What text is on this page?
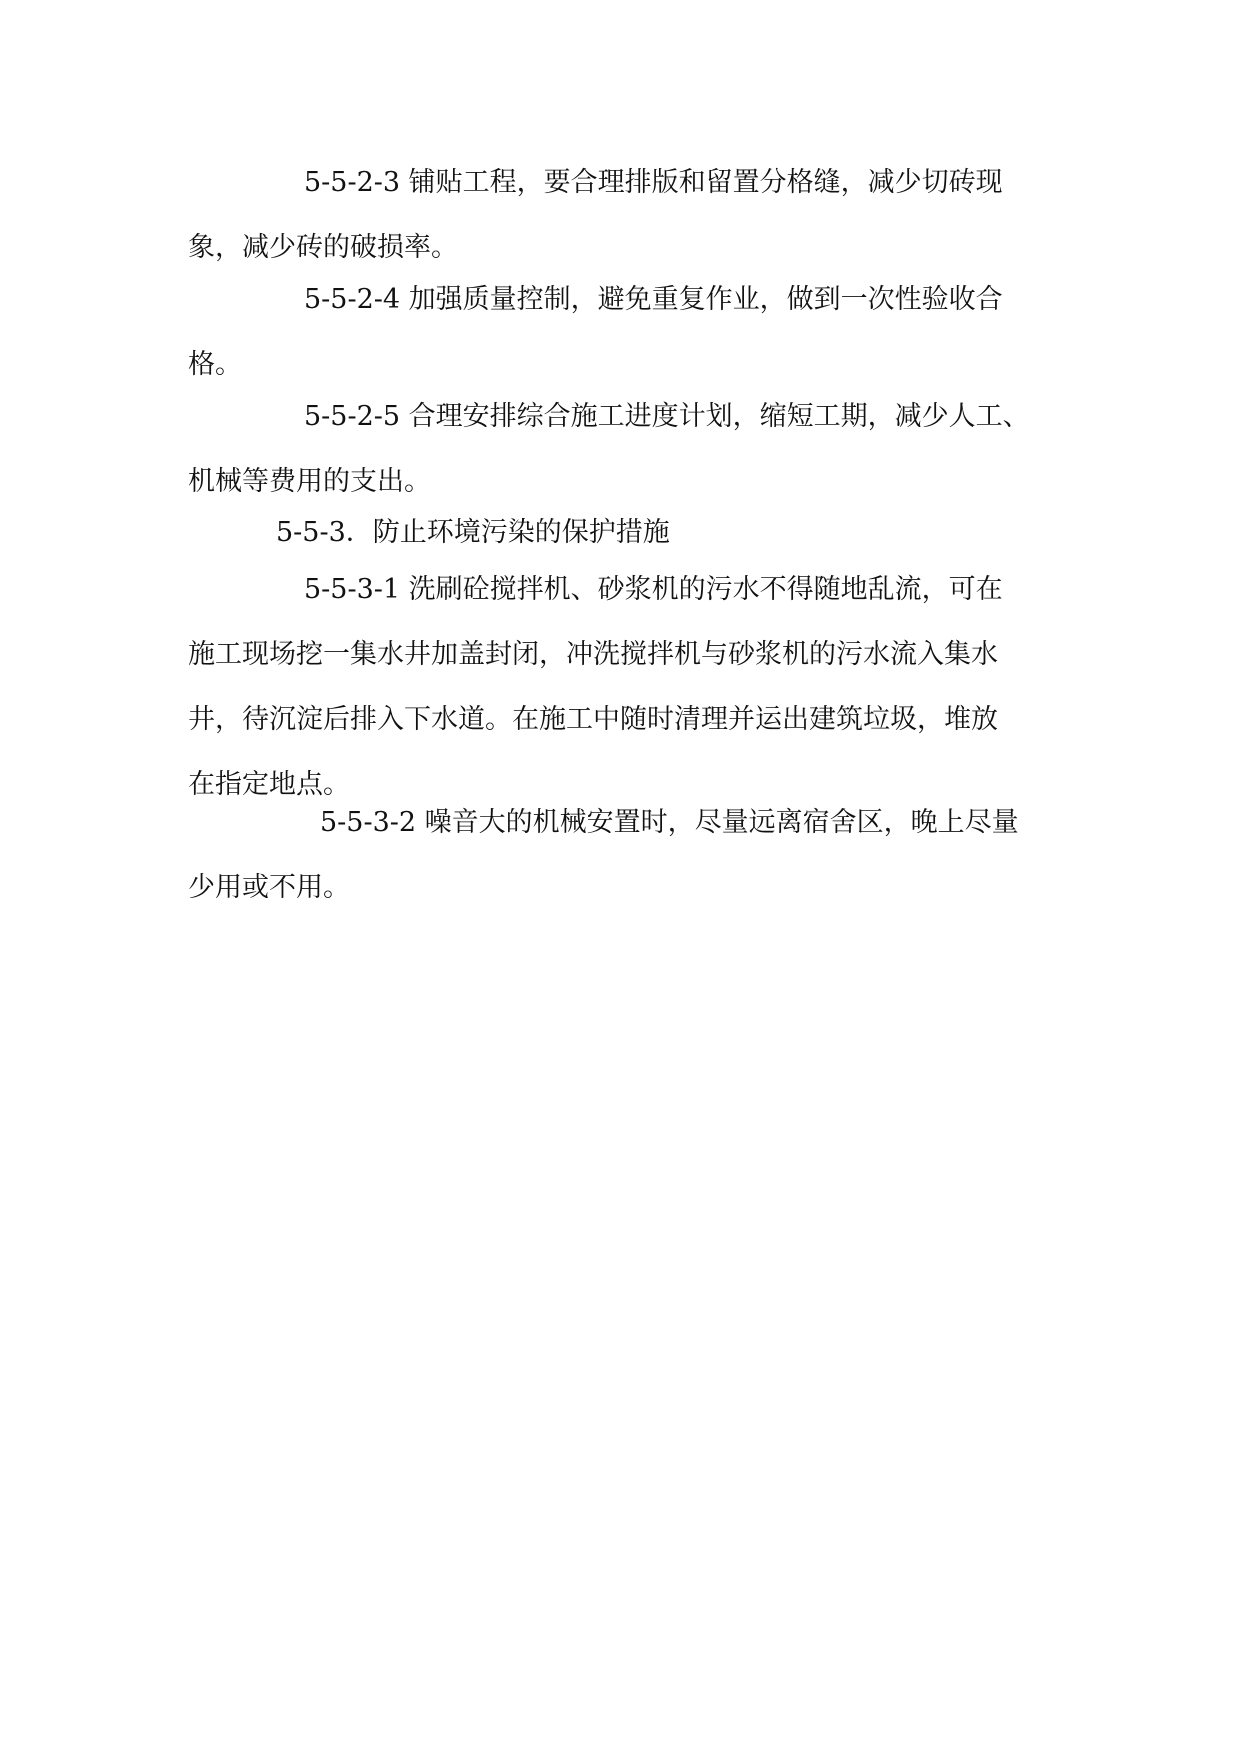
5-5-2-3 铺贴工程，要合理排版和留置分格缝，减少切砖现
象，减少砖的破损率。
5-5-2-4 加强质量控制，避免重复作业，做到一次性验收合
格。
5-5-2-5 合理安排综合施工进度计划，缩短工期，减少人工、
机械等费用的支出。
5-5-3．防止环境污染的保护措施
5-5-3-1 洗刷砼搅拌机、砂浆机的污水不得随地乱流，可在
施工现场挖一集水井加盖封闭，冲洗搅拌机与砂浆机的污水流入集水
井，待沉淀后排入下水道。在施工中随时清理并运出建筑垃圾，堆放
在指定地点。
5-5-3-2 噪音大的机械安置时，尽量远离宿舍区，晚上尽量
少用或不用。
